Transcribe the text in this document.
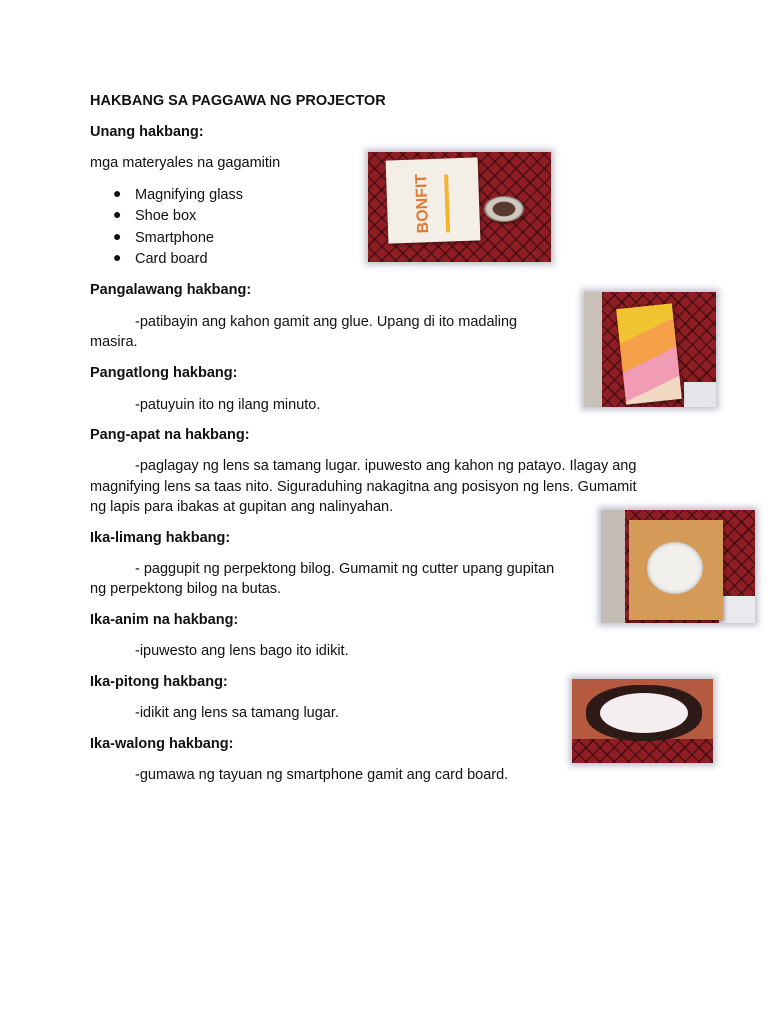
HAKBANG SA PAGGAWA NG PROJECTOR
Unang hakbang:
mga materyales na gagamitin
● Magnifying glass
● Shoe box
● Smartphone
● Card board
Pangalawang hakbang:
-patibayin ang kahon gamit ang glue. Upang di ito madaling
masira.
Pangatlong hakbang:
-patuyuin ito ng ilang minuto.
Pang-apat na hakbang:
-paglagay ng lens sa tamang lugar. ipuwesto ang kahon ng patayo. Ilagay ang
magnifying lens sa taas nito. Siguraduhing nakagitna ang posisyon ng lens. Gumamit
ng lapis para ibakas at gupitan ang nalinyahan.
Ika-limang hakbang:
- paggupit ng perpektong bilog. Gumamit ng cutter upang gupitan
ng perpektong bilog na butas.
Ika-anim na hakbang:
-ipuwesto ang lens bago ito idikit.
Ika-pitong hakbang:
-idikit ang lens sa tamang lugar.
Ika-walong hakbang:
-gumawa ng tayuan ng smartphone gamit ang card board.
BONFIT
